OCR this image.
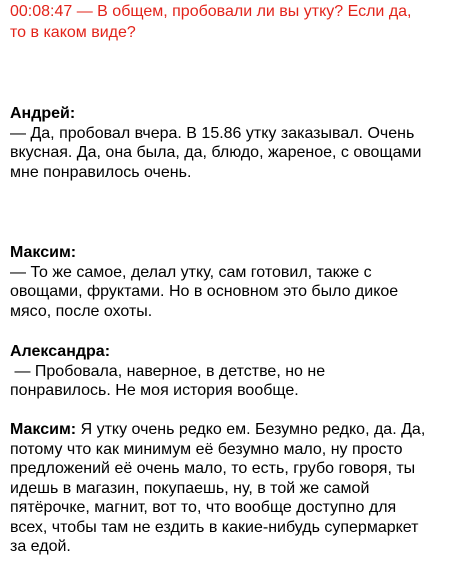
00:08:47 — В общем, пробовали ли вы утку? Если да,
то в каком виде?
Андрей:
— Да, пробовал вчера. В 15.86 утку заказывал. Очень
вкусная. Да, она была, да, блюдо, жареное, с овощами
мне понравилось очень.
Максим:
— То же самое, делал утку, сам готовил, также с
овощами, фруктами. Но в основном это было дикое
мясо, после охоты.
Александра:
— Пробовала, наверное, в детстве, но не
понравилось. Не моя история вообще.
Максим: Я утку очень редко ем. Безумно редко, да. Да,
потому что как минимум её безумно мало, ну просто
предложений её очень мало, то есть, грубо говоря, ты
идешь в магазин, покупаешь, ну, в той же самой
пятёрочке, магнит, вот то, что вообще доступно для
всех, чтобы там не ездить в какие-нибудь супермаркет
за едой.
